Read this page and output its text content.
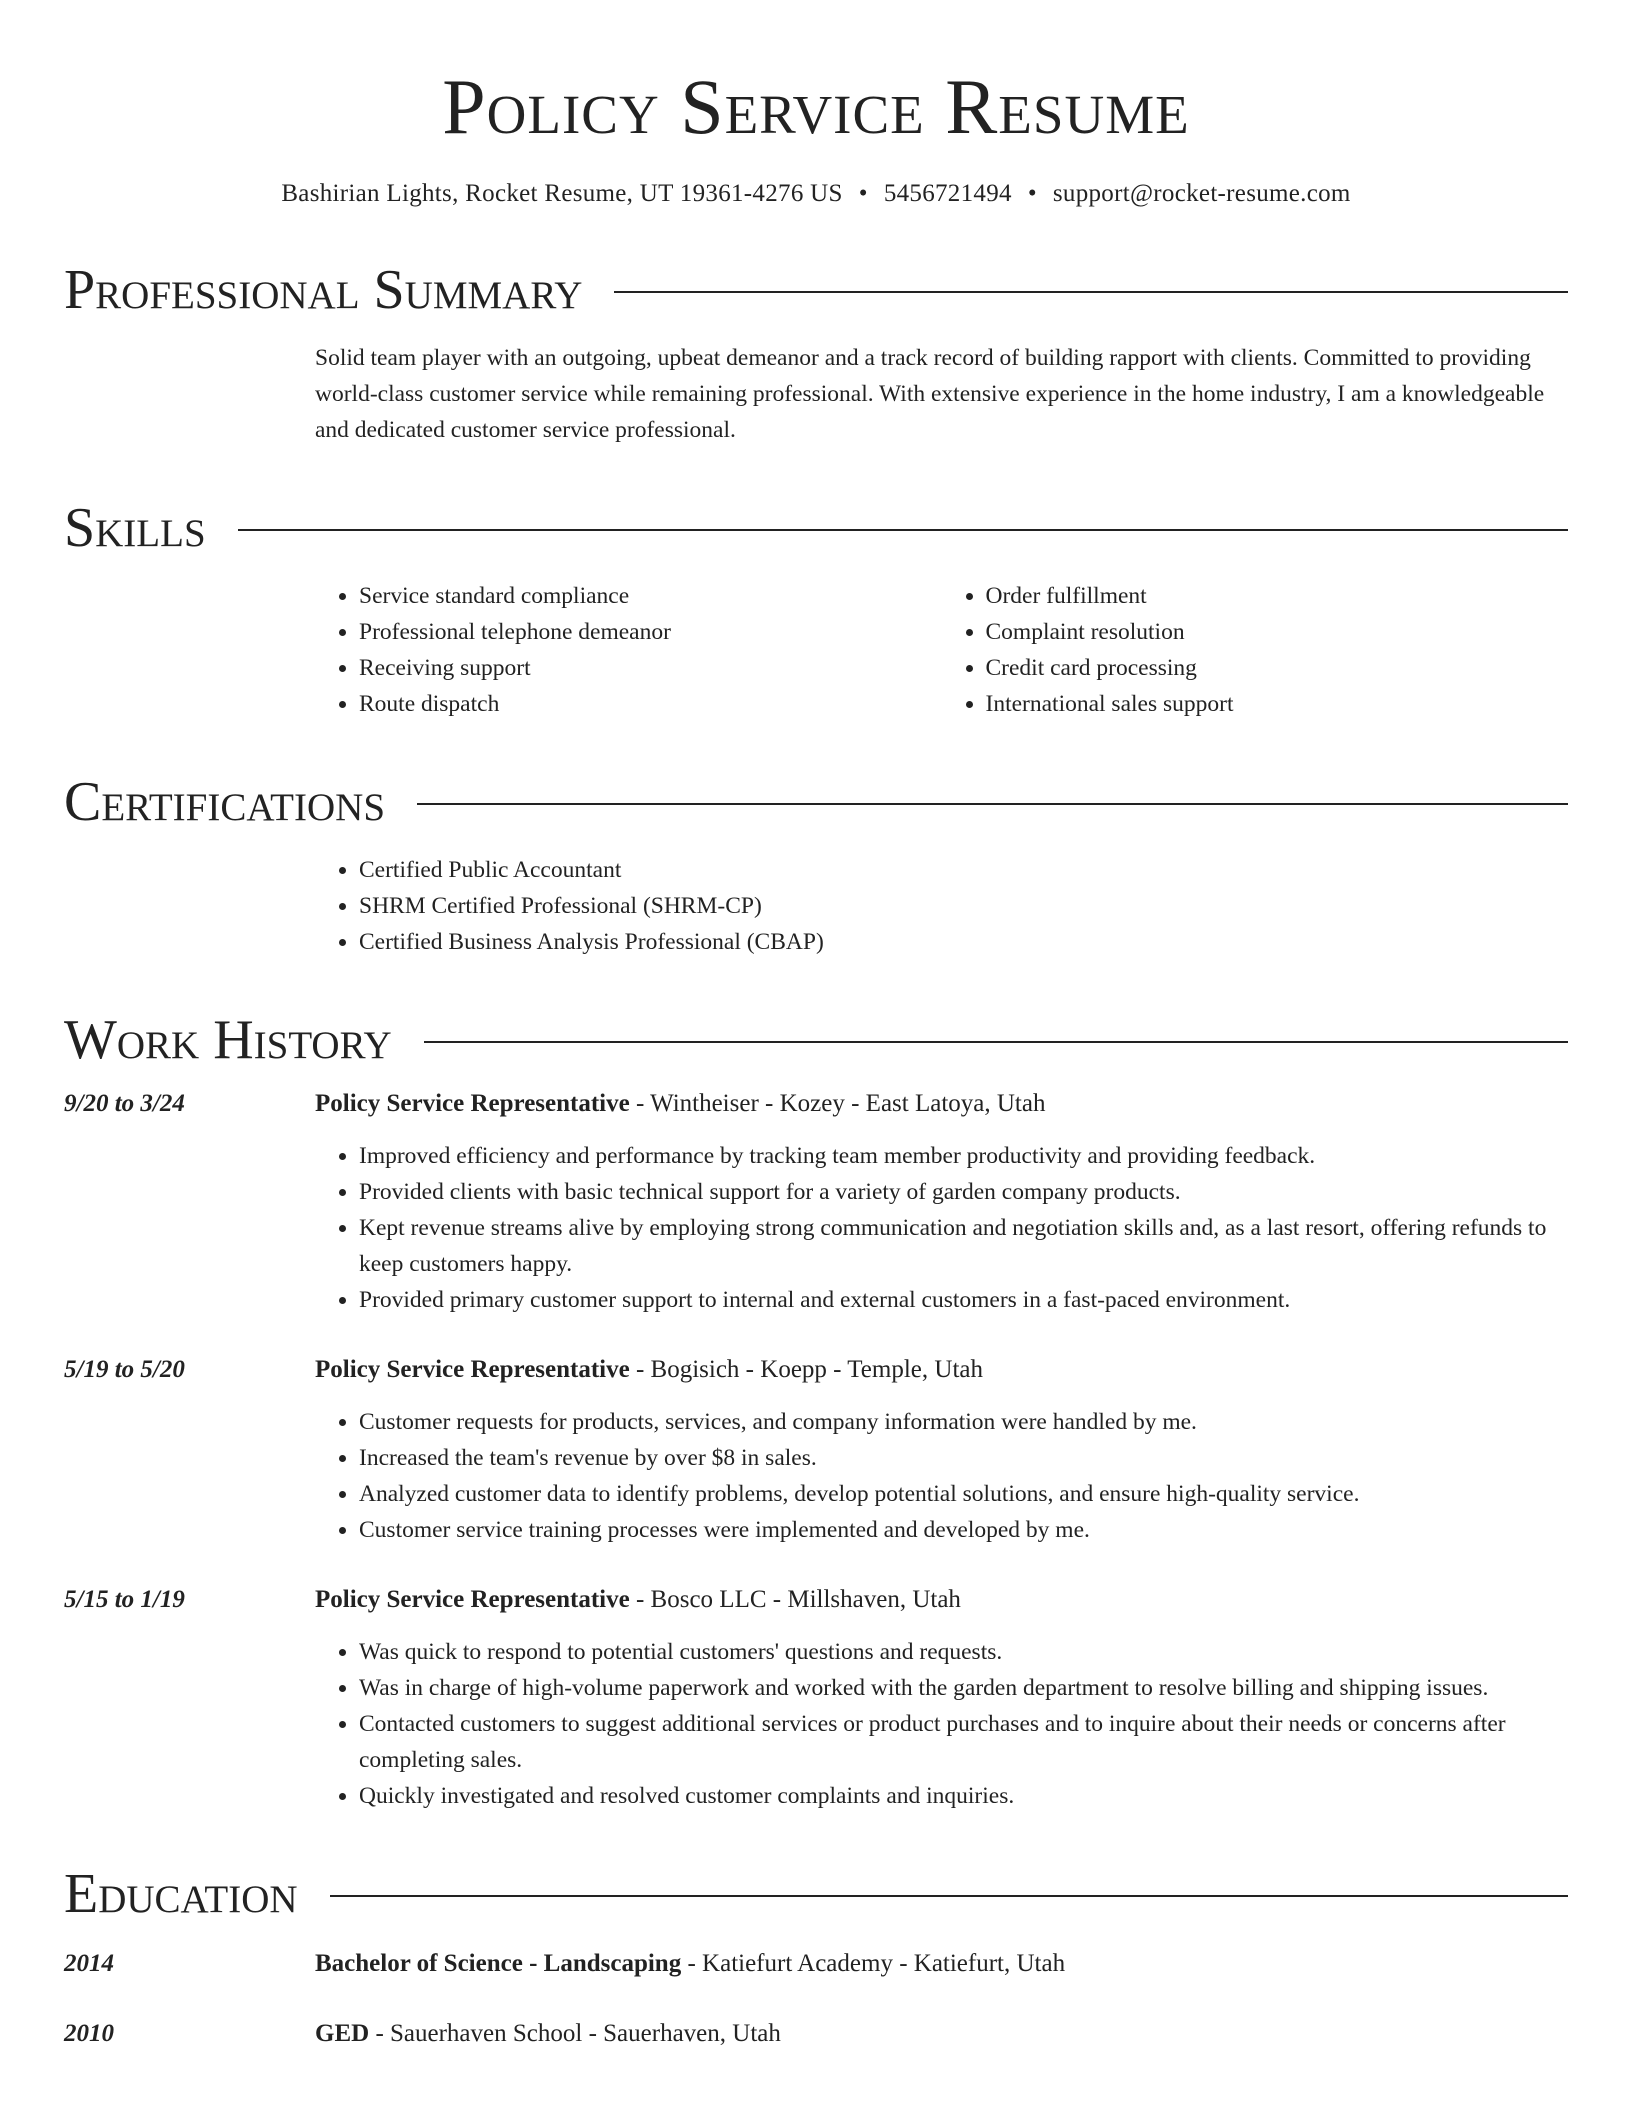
Policy Service Resume
Bashirian Lights, Rocket Resume, UT 19361-4276 US • 5456721494 • support@rocket-resume.com
Professional Summary
Solid team player with an outgoing, upbeat demeanor and a track record of building rapport with clients. Committed to providing world-class customer service while remaining professional. With extensive experience in the home industry, I am a knowledgeable and dedicated customer service professional.
Skills
• Service standard compliance
• Professional telephone demeanor
• Receiving support
• Route dispatch
• Order fulfillment
• Complaint resolution
• Credit card processing
• International sales support
Certifications
• Certified Public Accountant
• SHRM Certified Professional (SHRM-CP)
• Certified Business Analysis Professional (CBAP)
Work History
9/20 to 3/24	Policy Service Representative - Wintheiser - Kozey - East Latoya, Utah
• Improved efficiency and performance by tracking team member productivity and providing feedback.
• Provided clients with basic technical support for a variety of garden company products.
• Kept revenue streams alive by employing strong communication and negotiation skills and, as a last resort, offering refunds to keep customers happy.
• Provided primary customer support to internal and external customers in a fast-paced environment.
5/19 to 5/20	Policy Service Representative - Bogisich - Koepp - Temple, Utah
• Customer requests for products, services, and company information were handled by me.
• Increased the team's revenue by over $8 in sales.
• Analyzed customer data to identify problems, develop potential solutions, and ensure high-quality service.
• Customer service training processes were implemented and developed by me.
5/15 to 1/19	Policy Service Representative - Bosco LLC - Millshaven, Utah
• Was quick to respond to potential customers' questions and requests.
• Was in charge of high-volume paperwork and worked with the garden department to resolve billing and shipping issues.
• Contacted customers to suggest additional services or product purchases and to inquire about their needs or concerns after completing sales.
• Quickly investigated and resolved customer complaints and inquiries.
Education
2014	Bachelor of Science - Landscaping - Katiefurt Academy - Katiefurt, Utah
2010	GED - Sauerhaven School - Sauerhaven, Utah
